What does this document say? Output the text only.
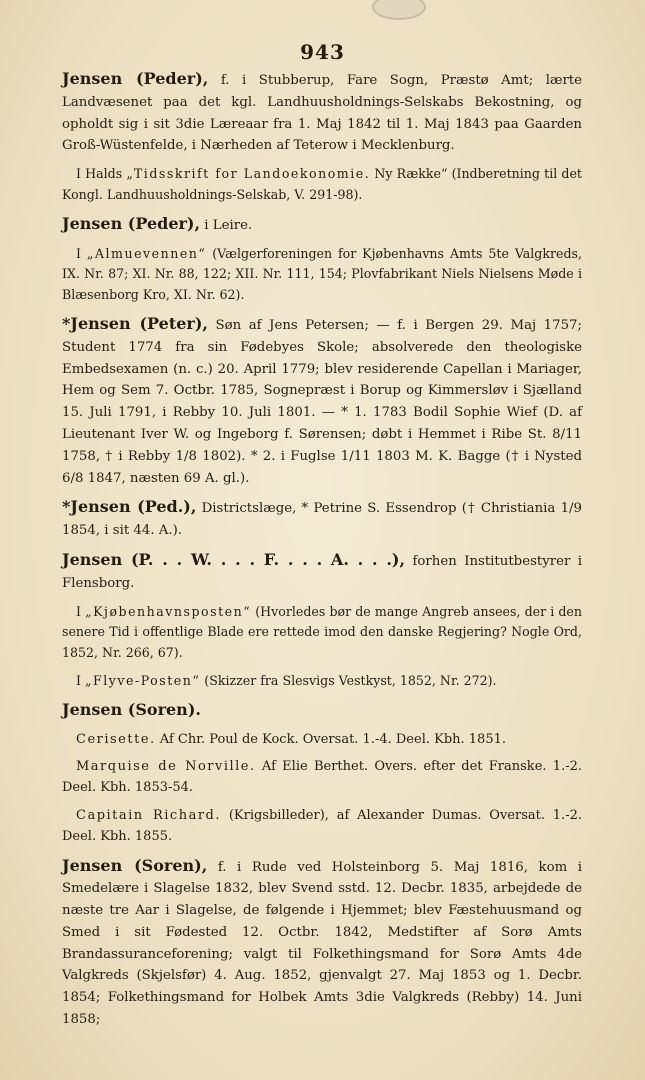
943

Jensen (Peder), f. i Stubberup, Fare Sogn, Præstø Amt; lærte Landvæsenet paa det kgl. Landhuusholdnings-Selskabs Bekostning, og opholdt sig i sit 3die Læreaar fra 1. Maj 1842 til 1. Maj 1843 paa Gaarden Groß-Wüstenfelde, i Nærheden af Teterow i Mecklenburg.

I Halds „Tidsskrift for Landoekonomie. Ny Række“ (Indberetning til det Kongl. Landhuusholdnings-Selskab, V. 291-98).

Jensen (Peder), i Leire.

I „Almuevennen“ (Vælgerforeningen for Kjøbenhavns Amts 5te Valgkreds, IX. Nr. 87; XI. Nr. 88, 122; XII. Nr. 111, 154; Plovfabrikant Niels Nielsens Møde i Blæsenborg Kro, XI. Nr. 62).

*Jensen (Peter), Søn af Jens Petersen; — f. i Bergen 29. Maj 1757; Student 1774 fra sin Fødebyes Skole; absolverede den theologiske Embedsexamen (n. c.) 20. April 1779; blev residerende Capellan i Mariager, Hem og Sem 7. Octbr. 1785, Sognepræst i Borup og Kimmersløv i Sjælland 15. Juli 1791, i Rebby 10. Juli 1801. — * 1. 1783 Bodil Sophie Wief (D. af Lieutenant Iver W. og Ingeborg f. Sørensen; døbt i Hemmet i Ribe St. 8/11 1758, † i Rebby 1/8 1802). * 2. i Fuglse 1/11 1803 M. K. Bagge († i Nysted 6/8 1847, næsten 69 A. gl.).

*Jensen (Ped.), Districtslæge, * Petrine S. Essendrop († Christiania 1/9 1854, i sit 44. A.).

Jensen (P. . . W. . . . F. . . . A. . . .), forhen Institutbestyrer i Flensborg.

I „Kjøbenhavnsposten“ (Hvorledes bør de mange Angreb ansees, der i den senere Tid i offentlige Blade ere rettede imod den danske Regjering? Nogle Ord, 1852, Nr. 266, 67).

I „Flyve-Posten“ (Skizzer fra Slesvigs Vestkyst, 1852, Nr. 272).

Jensen (Soren).

Cerisette. Af Chr. Poul de Kock. Oversat. 1.-4. Deel. Kbh. 1851.

Marquise de Norville. Af Elie Berthet. Overs. efter det Franske. 1.-2. Deel. Kbh. 1853-54.

Capitain Richard. (Krigsbilleder), af Alexander Dumas. Oversat. 1.-2. Deel. Kbh. 1855.

Jensen (Soren), f. i Rude ved Holsteinborg 5. Maj 1816, kom i Smedelære i Slagelse 1832, blev Svend sstd. 12. Decbr. 1835, arbejdede de næste tre Aar i Slagelse, de følgende i Hjemmet; blev Fæstehuusmand og Smed i sit Fødested 12. Octbr. 1842, Medstifter af Sorø Amts Brandassuranceforening; valgt til Folkethingsmand for Sorø Amts 4de Valgkreds (Skjelsfør) 4. Aug. 1852, gjenvalgt 27. Maj 1853 og 1. Decbr. 1854; Folkethingsmand for Holbek Amts 3die Valgkreds (Rebby) 14. Juni 1858;
